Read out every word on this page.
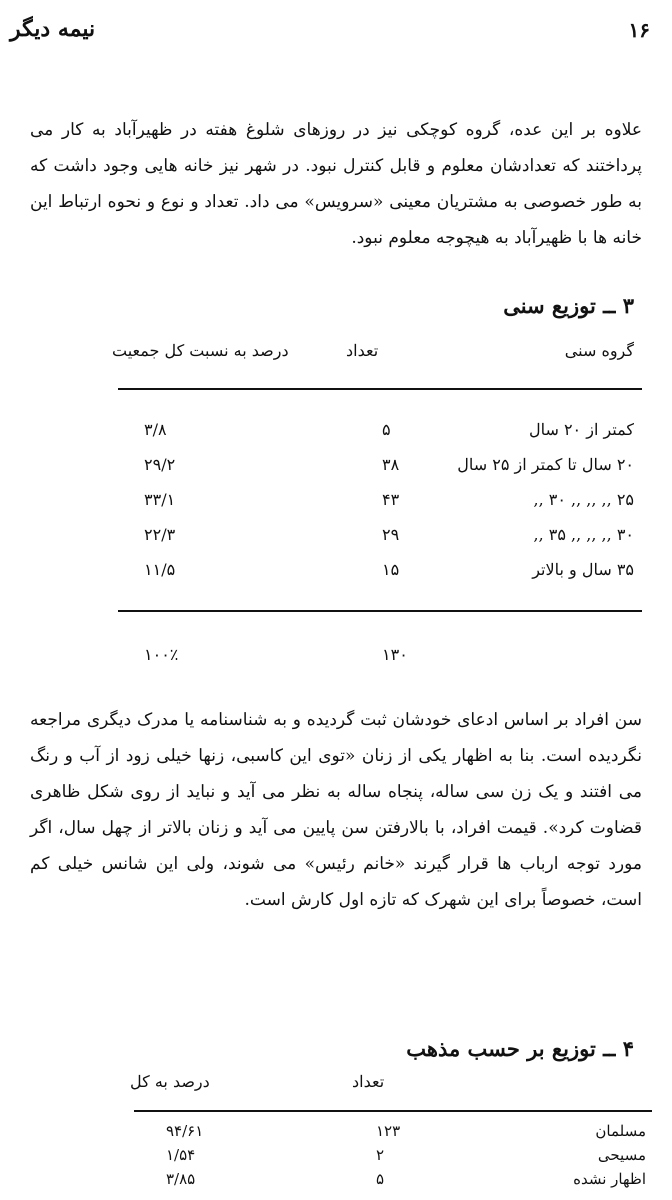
نیمه دیگر	۱۶

علاوه بر این عده، گروه کوچکی نیز در روزهای شلوغ هفته در ظهیرآباد به کار می پرداختند که تعدادشان معلوم و قابل کنترل نبود. در شهر نیز خانه هایی وجود داشت که به طور خصوصی به مشتریان معینی «سرویس» می داد. تعداد و نوع و نحوه ارتباط این خانه ها با ظهیرآباد به هیچوجه معلوم نبود.

۳ ــ توزیع سنی
گروه سنی
تعداد
درصد به نسبت کل جمعیت
کمتر از ۲۰ سال
۵
۳/۸
۲۰ سال تا کمتر از ۲۵ سال
۳۸
۲۹/۲
۲۵ ,, ,, ,, ۳۰ ,,
۴۳
۳۳/۱
۳۰ ,, ,, ,, ۳۵ ,,
۲۹
۲۲/۳
۳۵ سال و بالاتر
۱۵
۱۱/۵
۱۳۰
۱۰۰٪

سن افراد بر اساس ادعای خودشان ثبت گردیده و به شناسنامه یا مدرک دیگری مراجعه نگردیده است. بنا به اظهار یکی از زنان «توی این کاسبی، زنها خیلی زود از آب و رنگ می افتند و یک زن سی ساله، پنجاه ساله به نظر می آید و نباید از روی شکل ظاهری قضاوت کرد». قیمت افراد، با بالارفتن سن پایین می آید و زنان بالاتر از چهل سال، اگر مورد توجه ارباب ها قرار گیرند «خانم رئیس» می شوند، ولی این شانس خیلی کم است، خصوصاً برای این شهرک که تازه اول کارش است.

۴ ــ توزیع بر حسب مذهب
تعداد
درصد به کل
مسلمان
۱۲۳
۹۴/۶۱
مسیحی
۲
۱/۵۴
اظهار نشده
۵
۳/۸۵
